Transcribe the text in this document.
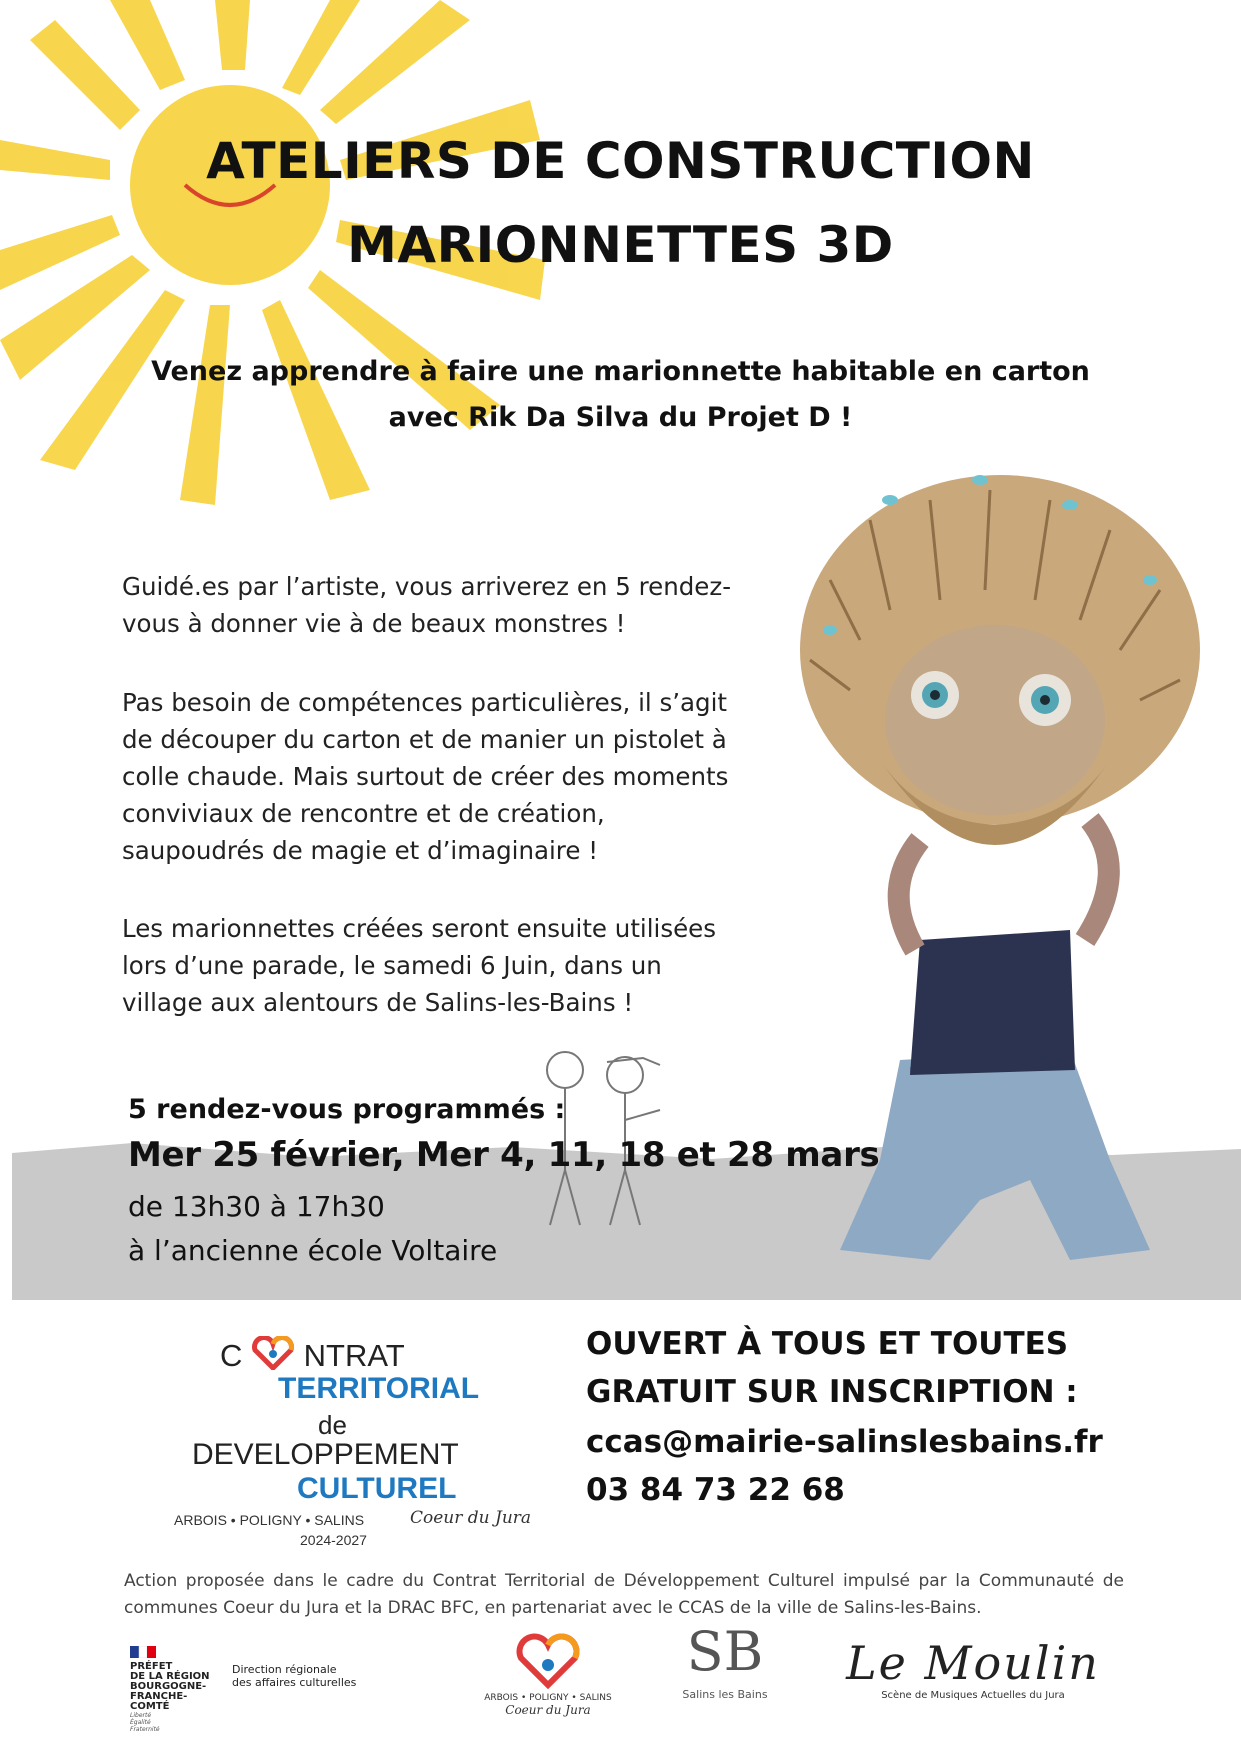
ATELIERS DE CONSTRUCTION
MARIONNETTES 3D
Venez apprendre à faire une marionnette habitable en carton
avec Rik Da Silva du Projet D !
Guidé.es par l’artiste, vous arriverez en 5 rendez-
vous à donner vie à de beaux monstres !
Pas besoin de compétences particulières, il s’agit
de découper du carton et de manier un pistolet à
colle chaude. Mais surtout de créer des moments
conviviaux de rencontre et de création,
saupoudrés de magie et d’imaginaire !
Les marionnettes créées seront ensuite utilisées
lors d’une parade, le samedi 6 Juin, dans un
village aux alentours de Salins-les-Bains !
5 rendez-vous programmés :
Mer 25 février, Mer 4, 11, 18 et 28 mars
de 13h30 à 17h30
à l’ancienne école Voltaire
C NTRAT
TERRITORIAL
de
DEVELOPPEMENT
CULTUREL
ARBOIS • POLIGNY • SALINS	Coeur du Jura
2024-2027
OUVERT À TOUS ET TOUTES
GRATUIT SUR INSCRIPTION :
ccas@mairie-salinslesbains.fr
03 84 73 22 68
Action proposée dans le cadre du Contrat Territorial de Développement Culturel impulsé par la Communauté de communes Coeur du Jura et la DRAC BFC, en partenariat avec le CCAS de la ville de Salins-les-Bains.
PRÉFET
DE LA RÉGION
BOURGOGNE-
FRANCHE-COMTÉ
Liberté Égalité Fraternité
Direction régionale
des affaires culturelles
ARBOIS • POLIGNY • SALINS
Coeur du Jura
SB
Salins les Bains
Le Moulin
Scène de Musiques Actuelles du Jura
